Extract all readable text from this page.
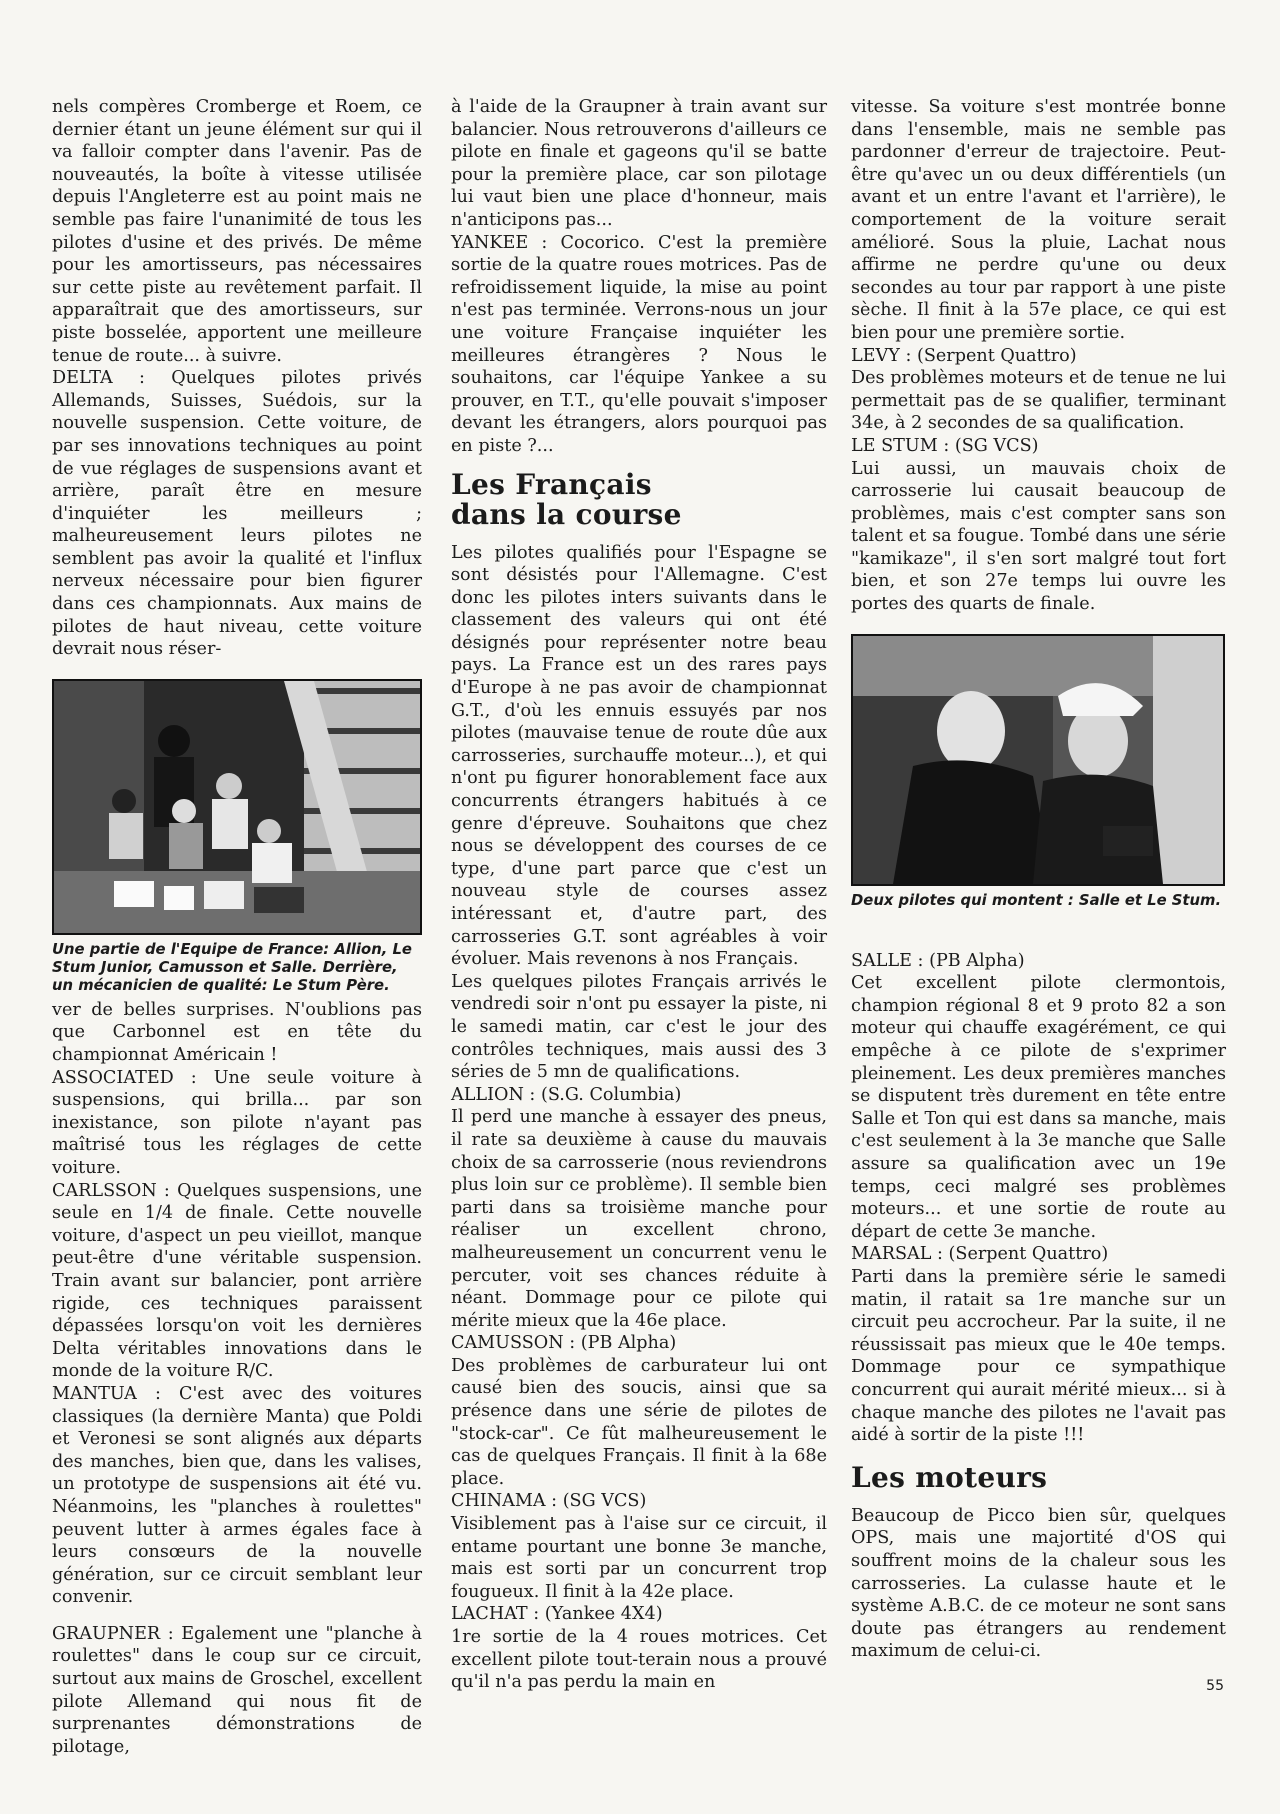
nels compères Cromberge et Roem, ce dernier étant un jeune élément sur qui il va falloir compter dans l'avenir. Pas de nouveautés, la boîte à vitesse utilisée depuis l'Angleterre est au point mais ne semble pas faire l'unanimité de tous les pilotes d'usine et des privés. De même pour les amortisseurs, pas nécessaires sur cette piste au revêtement parfait. Il apparaîtrait que des amortisseurs, sur piste bosselée, apportent une meilleure tenue de route... à suivre.

DELTA : Quelques pilotes privés Allemands, Suisses, Suédois, sur la nouvelle suspension. Cette voiture, de par ses innovations techniques au point de vue réglages de suspensions avant et arrière, paraît être en mesure d'inquiéter les meilleurs ; malheureusement leurs pilotes ne semblent pas avoir la qualité et l'influx nerveux nécessaire pour bien figurer dans ces championnats. Aux mains de pilotes de haut niveau, cette voiture devrait nous réser-

Une partie de l'Equipe de France: Allion, Le Stum Junior, Camusson et Salle. Derrière, un mécanicien de qualité: Le Stum Père.

ver de belles surprises. N'oublions pas que Carbonnel est en tête du championnat Américain !

ASSOCIATED : Une seule voiture à suspensions, qui brilla... par son inexistance, son pilote n'ayant pas maîtrisé tous les réglages de cette voiture.

CARLSSON : Quelques suspensions, une seule en 1/4 de finale. Cette nouvelle voiture, d'aspect un peu vieillot, manque peut-être d'une véritable suspension. Train avant sur balancier, pont arrière rigide, ces techniques paraissent dépassées lorsqu'on voit les dernières Delta véritables innovations dans le monde de la voiture R/C.

MANTUA : C'est avec des voitures classiques (la dernière Manta) que Poldi et Veronesi se sont alignés aux départs des manches, bien que, dans les valises, un prototype de suspensions ait été vu. Néanmoins, les "planches à roulettes" peuvent lutter à armes égales face à leurs consœurs de la nouvelle génération, sur ce circuit semblant leur convenir.

GRAUPNER : Egalement une "planche à roulettes" dans le coup sur ce circuit, surtout aux mains de Groschel, excellent pilote Allemand qui nous fit de surprenantes démonstrations de pilotage,

à l'aide de la Graupner à train avant sur balancier. Nous retrouverons d'ailleurs ce pilote en finale et gageons qu'il se batte pour la première place, car son pilotage lui vaut bien une place d'honneur, mais n'anticipons pas...

YANKEE : Cocorico. C'est la première sortie de la quatre roues motrices. Pas de refroidissement liquide, la mise au point n'est pas terminée. Verrons-nous un jour une voiture Française inquiéter les meilleures étrangères ? Nous le souhaitons, car l'équipe Yankee a su prouver, en T.T., qu'elle pouvait s'imposer devant les étrangers, alors pourquoi pas en piste ?...

Les Français
dans la course

Les pilotes qualifiés pour l'Espagne se sont désistés pour l'Allemagne. C'est donc les pilotes inters suivants dans le classement des valeurs qui ont été désignés pour représenter notre beau pays. La France est un des rares pays d'Europe à ne pas avoir de championnat G.T., d'où les ennuis essuyés par nos pilotes (mauvaise tenue de route dûe aux carrosseries, surchauffe moteur...), et qui n'ont pu figurer honorablement face aux concurrents étrangers habitués à ce genre d'épreuve. Souhaitons que chez nous se développent des courses de ce type, d'une part parce que c'est un nouveau style de courses assez intéressant et, d'autre part, des carrosseries G.T. sont agréables à voir évoluer. Mais revenons à nos Français.

Les quelques pilotes Français arrivés le vendredi soir n'ont pu essayer la piste, ni le samedi matin, car c'est le jour des contrôles techniques, mais aussi des 3 séries de 5 mn de qualifications.

ALLION : (S.G. Columbia)

Il perd une manche à essayer des pneus, il rate sa deuxième à cause du mauvais choix de sa carrosserie (nous reviendrons plus loin sur ce problème). Il semble bien parti dans sa troisième manche pour réaliser un excellent chrono, malheureusement un concurrent venu le percuter, voit ses chances réduite à néant. Dommage pour ce pilote qui mérite mieux que la 46e place.

CAMUSSON : (PB Alpha)

Des problèmes de carburateur lui ont causé bien des soucis, ainsi que sa présence dans une série de pilotes de "stock-car". Ce fût malheureusement le cas de quelques Français. Il finit à la 68e place.

CHINAMA : (SG VCS)

Visiblement pas à l'aise sur ce circuit, il entame pourtant une bonne 3e manche, mais est sorti par un concurrent trop fougueux. Il finit à la 42e place.

LACHAT : (Yankee 4X4)

1re sortie de la 4 roues motrices. Cet excellent pilote tout-terain nous a prouvé qu'il n'a pas perdu la main en

vitesse. Sa voiture s'est montrée bonne dans l'ensemble, mais ne semble pas pardonner d'erreur de trajectoire. Peut-être qu'avec un ou deux différentiels (un avant et un entre l'avant et l'arrière), le comportement de la voiture serait amélioré. Sous la pluie, Lachat nous affirme ne perdre qu'une ou deux secondes au tour par rapport à une piste sèche. Il finit à la 57e place, ce qui est bien pour une première sortie.

LEVY : (Serpent Quattro)

Des problèmes moteurs et de tenue ne lui permettait pas de se qualifier, terminant 34e, à 2 secondes de sa qualification.

LE STUM : (SG VCS)

Lui aussi, un mauvais choix de carrosserie lui causait beaucoup de problèmes, mais c'est compter sans son talent et sa fougue. Tombé dans une série "kamikaze", il s'en sort malgré tout fort bien, et son 27e temps lui ouvre les portes des quarts de finale.

Deux pilotes qui montent : Salle et Le Stum.

SALLE : (PB Alpha)

Cet excellent pilote clermontois, champion régional 8 et 9 proto 82 a son moteur qui chauffe exagérément, ce qui empêche à ce pilote de s'exprimer pleinement. Les deux premières manches se disputent très durement en tête entre Salle et Ton qui est dans sa manche, mais c'est seulement à la 3e manche que Salle assure sa qualification avec un 19e temps, ceci malgré ses problèmes moteurs... et une sortie de route au départ de cette 3e manche.

MARSAL : (Serpent Quattro)

Parti dans la première série le samedi matin, il ratait sa 1re manche sur un circuit peu accrocheur. Par la suite, il ne réussissait pas mieux que le 40e temps. Dommage pour ce sympathique concurrent qui aurait mérité mieux... si à chaque manche des pilotes ne l'avait pas aidé à sortir de la piste !!!

Les moteurs

Beaucoup de Picco bien sûr, quelques OPS, mais une majortité d'OS qui souffrent moins de la chaleur sous les carrosseries. La culasse haute et le système A.B.C. de ce moteur ne sont sans doute pas étrangers au rendement maximum de celui-ci.

55
